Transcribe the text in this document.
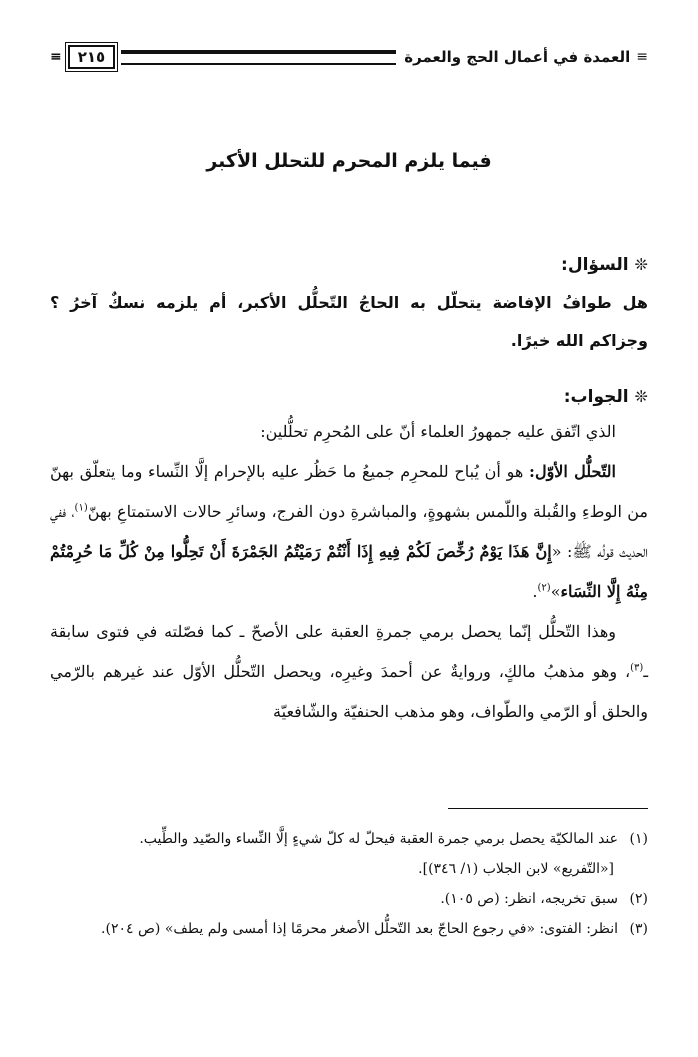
≡
العمدة في أعمال الحج والعمرة
٢١٥
≡
فيما يلزم المحرم للتحلل الأكبر
❊السؤال:

هل طوافُ الإفاضة يتحلّل به الحاجُ التّحلُّل الأكبر، أم يلزمه نسكٌ آخرُ ؟ وجزاكم الله خيرًا.

❊الجواب:

الذي اتّفق عليه جمهورُ العلماء أنّ على المُحرِم تحلُّلين:

التّحلُّل الأوّل: هو أن يُباح للمحرِم جميعُ ما حَظُر عليه بالإحرام إلَّا النِّساء وما يتعلّق بهنّ من الوطءِ والقُبلة واللّمس بشهوةٍ، والمباشرةِ دون الفرج، وسائرِ حالات الاستمتاعِ بهنّ$^{(١)}$، ففي الحديث قولُه ﷺ: «إِنَّ هَذَا يَوْمٌ رُخِّصَ لَكُمْ فِيهِ إِذَا أَنْتُمْ رَمَيْتُمُ الجَمْرَةَ أَنْ تَحِلُّوا مِنْ كُلِّ مَا حُرِمْتُمْ مِنْهُ إِلَّا النِّسَاء»$^{(٢)}$.

وهذا التّحلُّل إنّما يحصل برمي جمرةِ العقبة على الأصحّ ـ كما فصّلته في فتوى سابقة ـ$^{(٣)}$، وهو مذهبُ مالكٍ، وروايةٌ عن أحمدَ وغيرِه، ويحصل التّحلُّل الأوّل عند غيرهم بالرّمي والحلق أو الرّمي والطّواف، وهو مذهب الحنفيّة والشّافعيّة

(١)عند المالكيّة يحصل برمي جمرة العقبة فيحلّ له كلّ شيءٍ إلَّا النِّساء والصّيد والطِّيب.

[«التّفريع» لابن الجلاب (١/ ٣٤٦)].

(٢)سبق تخريجه، انظر: (ص ١٠٥).

(٣)انظر: الفتوى: «في رجوع الحاجّ بعد التّحلُّل الأصغر محرمًا إذا أمسى ولم يطف» (ص ٢٠٤).
